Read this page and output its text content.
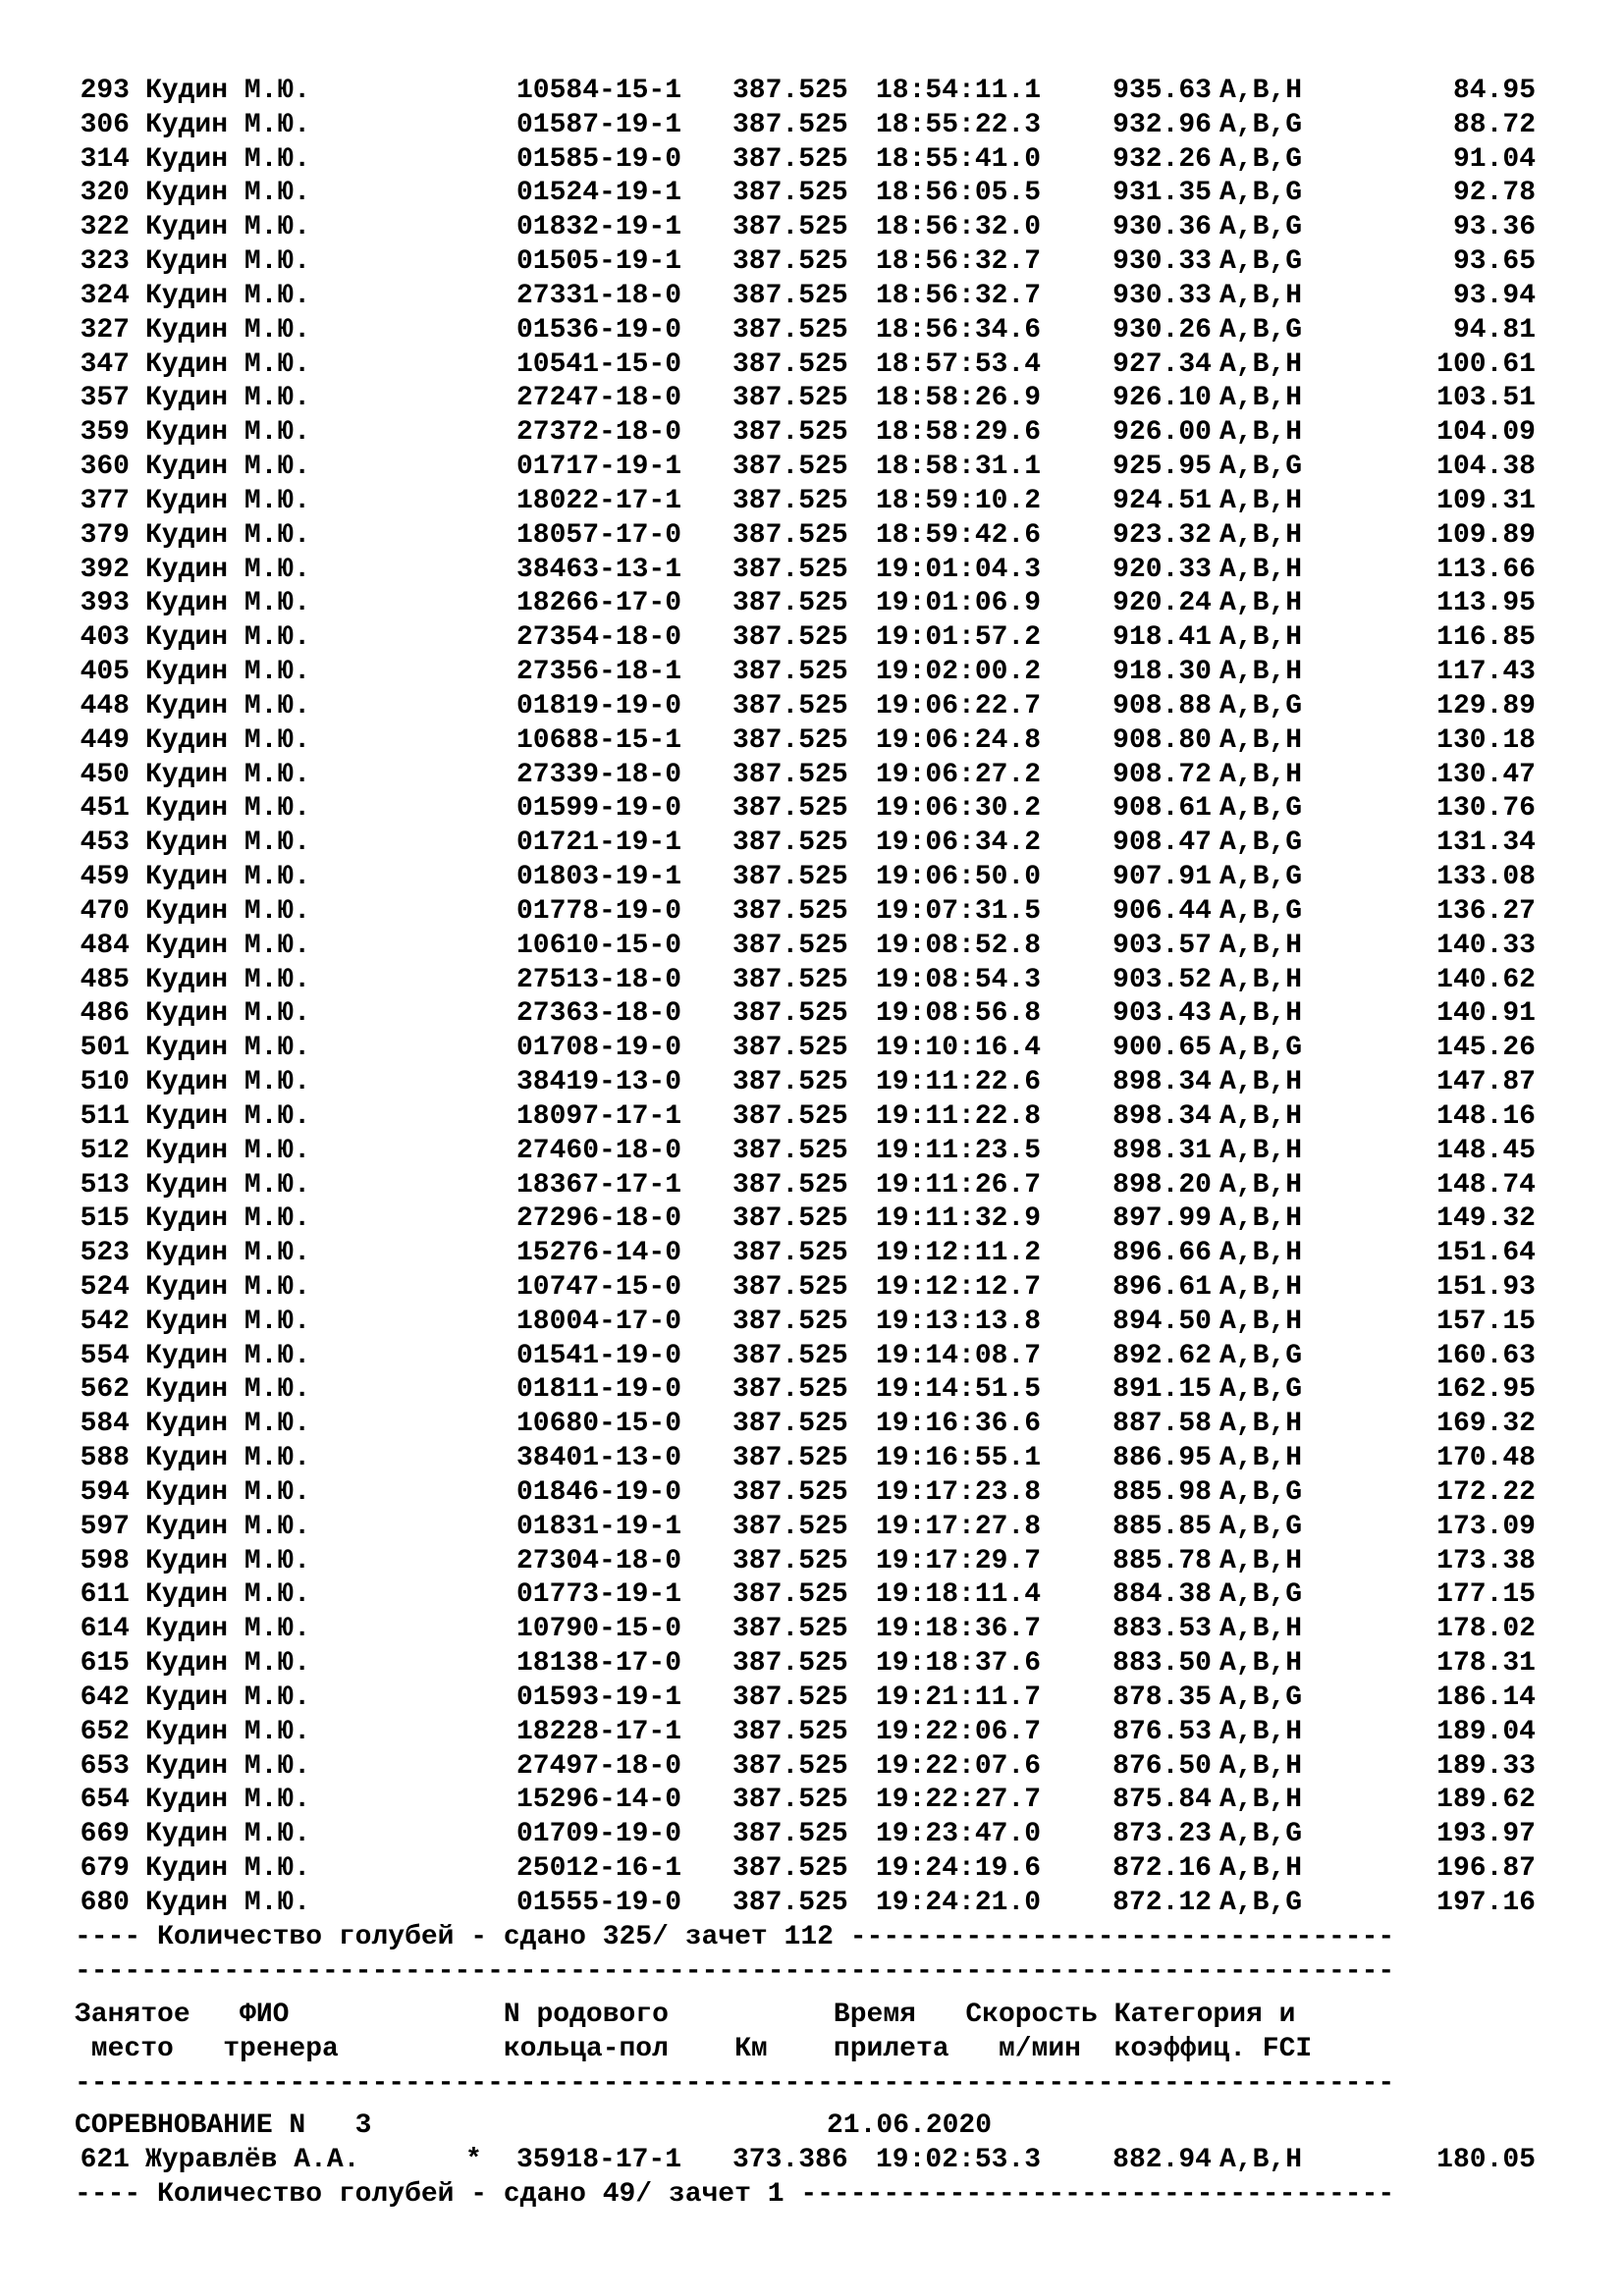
293 Кудин М.Ю.	10584-15-1 387.525 18:54:11.1	935.63 A,B,H	84.95
306 Кудин М.Ю.	01587-19-1 387.525 18:55:22.3	932.96 A,B,G	88.72
314 Кудин М.Ю.	01585-19-0 387.525 18:55:41.0	932.26 A,B,G	91.04
320 Кудин М.Ю.	01524-19-1 387.525 18:56:05.5	931.35 A,B,G	92.78
322 Кудин М.Ю.	01832-19-1 387.525 18:56:32.0	930.36 A,B,G	93.36
323 Кудин М.Ю.	01505-19-1 387.525 18:56:32.7	930.33 A,B,G	93.65
324 Кудин М.Ю.	27331-18-0 387.525 18:56:32.7	930.33 A,B,H	93.94
327 Кудин М.Ю.	01536-19-0 387.525 18:56:34.6	930.26 A,B,G	94.81
347 Кудин М.Ю.	10541-15-0 387.525 18:57:53.4	927.34 A,B,H	100.61
357 Кудин М.Ю.	27247-18-0 387.525 18:58:26.9	926.10 A,B,H	103.51
359 Кудин М.Ю.	27372-18-0 387.525 18:58:29.6	926.00 A,B,H	104.09
360 Кудин М.Ю.	01717-19-1 387.525 18:58:31.1	925.95 A,B,G	104.38
377 Кудин М.Ю.	18022-17-1 387.525 18:59:10.2	924.51 A,B,H	109.31
379 Кудин М.Ю.	18057-17-0 387.525 18:59:42.6	923.32 A,B,H	109.89
392 Кудин М.Ю.	38463-13-1 387.525 19:01:04.3	920.33 A,B,H	113.66
393 Кудин М.Ю.	18266-17-0 387.525 19:01:06.9	920.24 A,B,H	113.95
403 Кудин М.Ю.	27354-18-0 387.525 19:01:57.2	918.41 A,B,H	116.85
405 Кудин М.Ю.	27356-18-1 387.525 19:02:00.2	918.30 A,B,H	117.43
448 Кудин М.Ю.	01819-19-0 387.525 19:06:22.7	908.88 A,B,G	129.89
449 Кудин М.Ю.	10688-15-1 387.525 19:06:24.8	908.80 A,B,H	130.18
450 Кудин М.Ю.	27339-18-0 387.525 19:06:27.2	908.72 A,B,H	130.47
451 Кудин М.Ю.	01599-19-0 387.525 19:06:30.2	908.61 A,B,G	130.76
453 Кудин М.Ю.	01721-19-1 387.525 19:06:34.2	908.47 A,B,G	131.34
459 Кудин М.Ю.	01803-19-1 387.525 19:06:50.0	907.91 A,B,G	133.08
470 Кудин М.Ю.	01778-19-0 387.525 19:07:31.5	906.44 A,B,G	136.27
484 Кудин М.Ю.	10610-15-0 387.525 19:08:52.8	903.57 A,B,H	140.33
485 Кудин М.Ю.	27513-18-0 387.525 19:08:54.3	903.52 A,B,H	140.62
486 Кудин М.Ю.	27363-18-0 387.525 19:08:56.8	903.43 A,B,H	140.91
501 Кудин М.Ю.	01708-19-0 387.525 19:10:16.4	900.65 A,B,G	145.26
510 Кудин М.Ю.	38419-13-0 387.525 19:11:22.6	898.34 A,B,H	147.87
511 Кудин М.Ю.	18097-17-1 387.525 19:11:22.8	898.34 A,B,H	148.16
512 Кудин М.Ю.	27460-18-0 387.525 19:11:23.5	898.31 A,B,H	148.45
513 Кудин М.Ю.	18367-17-1 387.525 19:11:26.7	898.20 A,B,H	148.74
515 Кудин М.Ю.	27296-18-0 387.525 19:11:32.9	897.99 A,B,H	149.32
523 Кудин М.Ю.	15276-14-0 387.525 19:12:11.2	896.66 A,B,H	151.64
524 Кудин М.Ю.	10747-15-0 387.525 19:12:12.7	896.61 A,B,H	151.93
542 Кудин М.Ю.	18004-17-0 387.525 19:13:13.8	894.50 A,B,H	157.15
554 Кудин М.Ю.	01541-19-0 387.525 19:14:08.7	892.62 A,B,G	160.63
562 Кудин М.Ю.	01811-19-0 387.525 19:14:51.5	891.15 A,B,G	162.95
584 Кудин М.Ю.	10680-15-0 387.525 19:16:36.6	887.58 A,B,H	169.32
588 Кудин М.Ю.	38401-13-0 387.525 19:16:55.1	886.95 A,B,H	170.48
594 Кудин М.Ю.	01846-19-0 387.525 19:17:23.8	885.98 A,B,G	172.22
597 Кудин М.Ю.	01831-19-1 387.525 19:17:27.8	885.85 A,B,G	173.09
598 Кудин М.Ю.	27304-18-0 387.525 19:17:29.7	885.78 A,B,H	173.38
611 Кудин М.Ю.	01773-19-1 387.525 19:18:11.4	884.38 A,B,G	177.15
614 Кудин М.Ю.	10790-15-0 387.525 19:18:36.7	883.53 A,B,H	178.02
615 Кудин М.Ю.	18138-17-0 387.525 19:18:37.6	883.50 A,B,H	178.31
642 Кудин М.Ю.	01593-19-1 387.525 19:21:11.7	878.35 A,B,G	186.14
652 Кудин М.Ю.	18228-17-1 387.525 19:22:06.7	876.53 A,B,H	189.04
653 Кудин М.Ю.	27497-18-0 387.525 19:22:07.6	876.50 A,B,H	189.33
654 Кудин М.Ю.	15296-14-0 387.525 19:22:27.7	875.84 A,B,H	189.62
669 Кудин М.Ю.	01709-19-0 387.525 19:23:47.0	873.23 A,B,G	193.97
679 Кудин М.Ю.	25012-16-1 387.525 19:24:19.6	872.16 A,B,H	196.87
680 Кудин М.Ю.	01555-19-0 387.525 19:24:21.0	872.12 A,B,G	197.16
---- Количество голубей - сдано 325/ зачет 112 ---------------------------------
--------------------------------------------------------------------------------
Занятое   ФИО             N родового          Время   Скорость Категория и
место   тренера          кольца-пол    Км    прилета   м/мин  коэффиц. FCI
--------------------------------------------------------------------------------
СОРЕВНОВАНИЕ N   3	21.06.2020
621 Журавлёв А.А.	* 35918-17-1 373.386 19:02:53.3	882.94 A,B,H	180.05
---- Количество голубей - сдано 49/ зачет 1 ------------------------------------
